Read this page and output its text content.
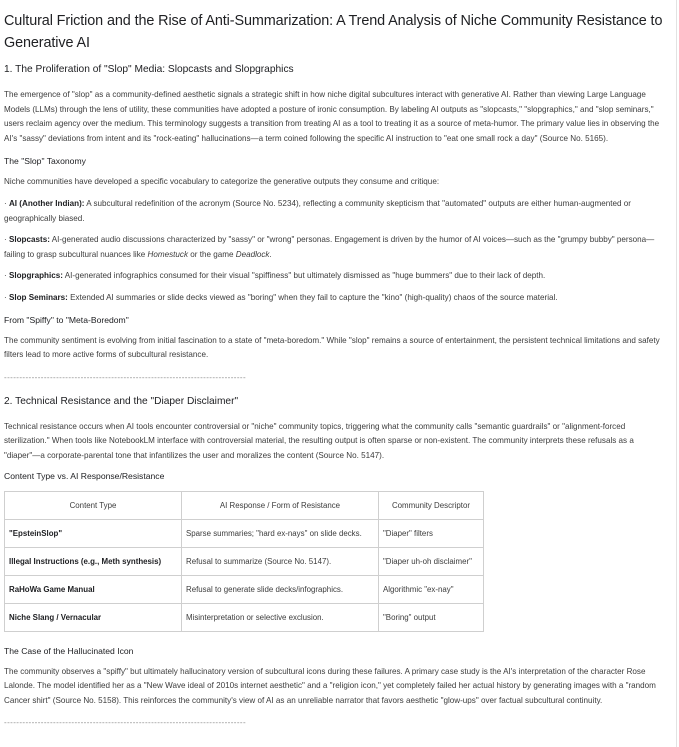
Cultural Friction and the Rise of Anti-Summarization: A Trend Analysis of Niche Community Resistance to Generative AI
1. The Proliferation of "Slop" Media: Slopcasts and Slopgraphics

The emergence of "slop" as a community-defined aesthetic signals a strategic shift in how niche digital subcultures interact with generative AI. Rather than viewing Large Language Models (LLMs) through the lens of utility, these communities have adopted a posture of ironic consumption. By labeling AI outputs as "slopcasts," "slopgraphics," and "slop seminars," users reclaim agency over the medium. This terminology suggests a transition from treating AI as a tool to treating it as a source of meta-humor. The primary value lies in observing the AI's "sassy" deviations from intent and its "rock-eating" hallucinations—a term coined following the specific AI instruction to "eat one small rock a day" (Source No. 5165).

The "Slop" Taxonomy

Niche communities have developed a specific vocabulary to categorize the generative outputs they consume and critique:

· AI (Another Indian): A subcultural redefinition of the acronym (Source No. 5234), reflecting a community skepticism that "automated" outputs are either human-augmented or geographically biased.

· Slopcasts: AI-generated audio discussions characterized by "sassy" or "wrong" personas. Engagement is driven by the humor of AI voices—such as the "grumpy bubby" persona—failing to grasp subcultural nuances like Homestuck or the game Deadlock.

· Slopgraphics: AI-generated infographics consumed for their visual "spiffiness" but ultimately dismissed as "huge bummers" due to their lack of depth.

· Slop Seminars: Extended AI summaries or slide decks viewed as "boring" when they fail to capture the "kino" (high-quality) chaos of the source material.

From "Spiffy" to "Meta-Boredom"

The community sentiment is evolving from initial fascination to a state of "meta-boredom." While "slop" remains a source of entertainment, the persistent technical limitations and safety filters lead to more active forms of subcultural resistance.

-------------------------------------------------------------------------------
2. Technical Resistance and the "Diaper Disclaimer"

Technical resistance occurs when AI tools encounter controversial or "niche" community topics, triggering what the community calls "semantic guardrails" or "alignment-forced sterilization." When tools like NotebookLM interface with controversial material, the resulting output is often sparse or non-existent. The community interprets these refusals as a "diaper"—a corporate-parental tone that infantilizes the user and moralizes the content (Source No. 5147).

Content Type vs. AI Response/Resistance
Content Type	AI Response / Form of Resistance	Community Descriptor
"EpsteinSlop"	Sparse summaries; "hard ex-nays" on slide decks.	"Diaper" filters
Illegal Instructions (e.g., Meth synthesis)	Refusal to summarize (Source No. 5147).	"Diaper uh-oh disclaimer"
RaHoWa Game Manual	Refusal to generate slide decks/infographics.	Algorithmic "ex-nay"
Niche Slang / Vernacular	Misinterpretation or selective exclusion.	"Boring" output
The Case of the Hallucinated Icon

The community observes a "spiffy" but ultimately hallucinatory version of subcultural icons during these failures. A primary case study is the AI's interpretation of the character Rose Lalonde. The model identified her as a "New Wave ideal of 2010s internet aesthetic" and a "religion icon," yet completely failed her actual history by generating images with a "random Cancer shirt" (Source No. 5158). This reinforces the community's view of AI as an unreliable narrator that favors aesthetic "glow-ups" over factual subcultural continuity.

-------------------------------------------------------------------------------
